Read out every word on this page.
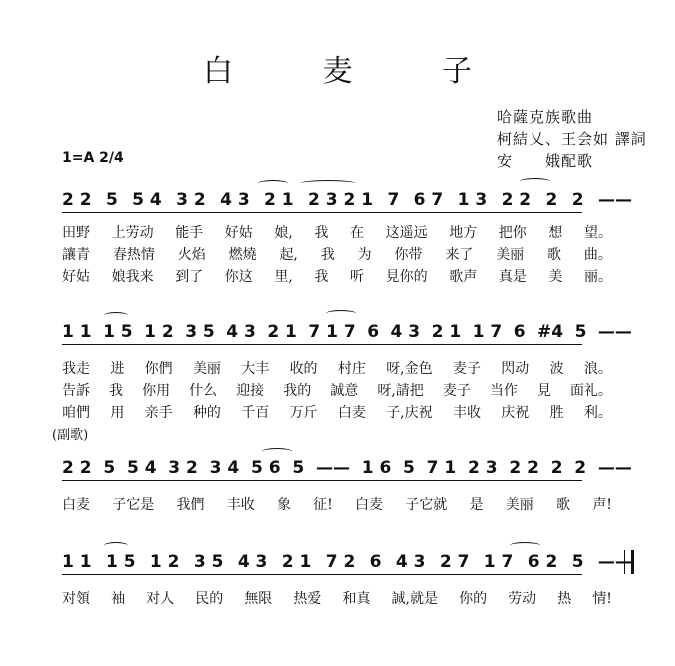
白 麦 子
哈薩克族歌曲
柯結乂、王会如 譯詞
安　　娥配歌
1=A 2/4
2 2 5 5 4 3 2 4 3 2 1 2 3 2 1 7 6 7 1 3 2 2 2 2 ——
田野 上劳动 能手 好姑 娘, 我 在 这遥远 地方 把你 想 望。
讓青 春热情 火焰 燃燒 起, 我 为 你带 来了 美丽 歌 曲。
好姑 娘我来 到了 你这 里, 我 听 見你的 歌声 真是 美 丽。
1 1 1 5 1 2 3 5 4 3 2 1 7 1 7 6 4 3 2 1 1 7 6 #4 5 ——
我走 进 你們 美丽 大丰 收的 村庄 呀,金色 麦子 閃动 波 浪。
告訴 我 你用 什么 迎接 我的 誠意 呀,請把 麦子 当作 見 面礼。
咱們 用 亲手 种的 千百 万斤 白麦 子,庆祝 丰收 庆祝 胜 利。
(副歌)
2 2 5 5 4 3 2 3 4 5 6 5 —— 1 6 5 7 1 2 3 2 2 2 2 ——
白麦 子它是 我們 丰收 象 征! 白麦 子它就 是 美丽 歌 声!
1 1 1 5 1 2 3 5 4 3 2 1 7 2 6 4 3 2 7 1 7 6 2 5 ——
对領 袖 对人 民的 無限 热爱 和真 誠,就是 你的 劳动 热 情!
